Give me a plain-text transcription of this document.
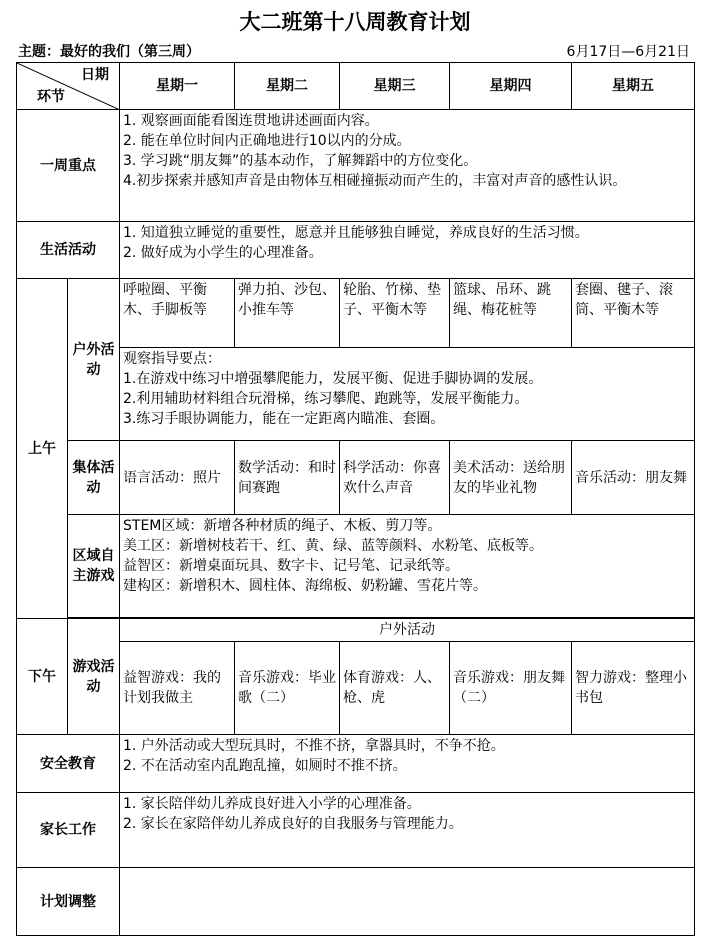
大二班第十八周教育计划
主题：最好的我们（第三周）	6月17日—6月21日
日期
环节		星期一	星期二	星期三	星期四	星期五
一周重点		1. 观察画面能看图连贯地讲述画面内容。
2. 能在单位时间内正确地进行10以内的分成。
3. 学习跳“朋友舞”的基本动作，了解舞蹈中的方位变化。
4.初步探索并感知声音是由物体互相碰撞振动而产生的，丰富对声音的感性认识。				

生活活动		1. 知道独立睡觉的重要性，愿意并且能够独自睡觉，养成良好的生活习惯。
2. 做好成为小学生的心理准备。				

上午	户外活动	呼啦圈、平衡木、手脚板等	弹力拍、沙包、小推车等	轮胎、竹梯、垫子、平衡木等	篮球、吊环、跳绳、梅花桩等	套圈、毽子、滚筒、平衡木等

		观察指导要点：
1.在游戏中练习中增强攀爬能力，发展平衡、促进手脚协调的发展。
2.利用辅助材料组合玩滑梯，练习攀爬、跑跳等，发展平衡能力。
3.练习手眼协调能力，能在一定距离内瞄准、套圈。				

	集体活动	语言活动：照片	数学活动：和时间赛跑	科学活动：你喜欢什么声音	美术活动：送给朋友的毕业礼物	音乐活动：朋友舞
	区域自主游戏	STEM区域：新增各种材质的绳子、木板、剪刀等。
美工区：新增树枝若干、红、黄、绿、蓝等颜料、水粉笔、底板等。
益智区：新增桌面玩具、数字卡、记号笔、记录纸等。
建构区：新增积木、圆柱体、海绵板、奶粉罐、雪花片等。				

下午	游戏活动	户外活动				
		益智游戏：我的计划我做主	音乐游戏：毕业歌（二）	体育游戏：人、枪、虎	音乐游戏：朋友舞（二）	智力游戏：整理小书包
安全教育		1. 户外活动或大型玩具时，不推不挤，拿器具时，不争不抢。
2. 不在活动室内乱跑乱撞，如厕时不推不挤。				

家长工作		1. 家长陪伴幼儿养成良好进入小学的心理准备。
2. 家长在家陪伴幼儿养成良好的自我服务与管理能力。				

计划调整						
